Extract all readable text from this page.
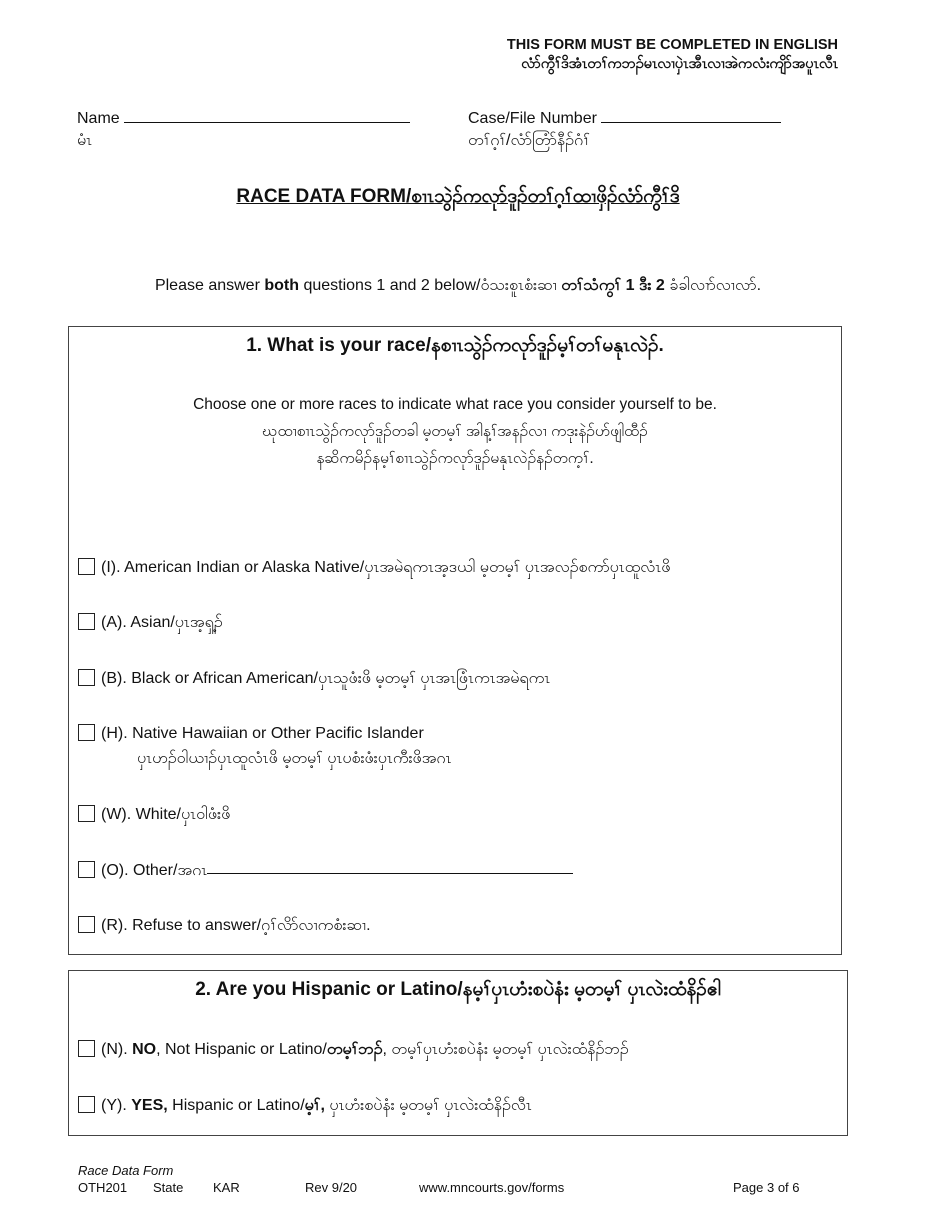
THIS FORM MUST BE COMPLETED IN ENGLISH
လံာ်ကွီၢ်ဒိအံၤတၢ်ကဘၣ်မၤလၢပှဲၤအီၤလၢအဲကလံးကျိာ်အပူၤလီၤ
Name
မံၤ
Case/File Number
တၢ်ဂ့ၢ်/လံာ်တြံာ်နီၣ်ဂံၢ်
RACE DATA FORM/စၢၤသွဲၣ်ကလုာ်ဒူၣ်တၢ်ဂ့ၢ်ထၢဖှိၣ်လံာ်ကွီၢ်ဒိ
Please answer both questions 1 and 2 below/ဝံသးစူၤစံးဆၢ တၢ်သံကွၢ် 1 ဒီး 2 ခံခါလၢာ်လၢလာ်.
1. What is your race/နစၢၤသွဲၣ်ကလုာ်ဒူၣ်မ့ၢ်တၢ်မနုၤလဲၣ်.
Choose one or more races to indicate what race you consider yourself to be.
ဃုထၢစၢၤသွဲၣ်ကလုာ်ဒူၣ်တခါ မ့တမ့ၢ် အါန့ၢ်အနၣ်လၢ ကဒုးနဲၣ်ဟ်ဖျါထီၣ်
နဆိကမိၣ်နမ့ၢ်စၢၤသွဲၣ်ကလုာ်ဒူၣ်မနုၤလဲၣ်နၣ်တက့ၢ်.
(I). American Indian or Alaska Native/ပှၤအမဲရကၤအ့ဒယါ မ့တမ့ၢ် ပှၤအလၣ်စကာ်ပှၤထူလံၤဖိ
(A). Asian/ပှၤအ့ၡ့ၣ်
(B). Black or African American/ပှၤသူဖံးဖိ မ့တမ့ၢ် ပှၤအၤဖြံၤကၤအမဲရကၤ
(H). Native Hawaiian or Other Pacific Islander
ပှၤဟၣ်ဝါယၢၣ်ပှၤထူလံၤဖိ မ့တမ့ၢ် ပှၤပစံးဖံးပှၤကီးဖိအဂၤ
(W). White/ပှၤဝါဖံးဖိ
(O). Other/အဂၤ
(R). Refuse to answer/ဂ့ၢ်လိာ်လၢကစံးဆၢ.
2. Are you Hispanic or Latino/နမ့ၢ်ပှၤဟံးစပဲနံး မ့တမ့ၢ် ပှၤလဲးထံနိၣ်ဧါ
(N). NO, Not Hispanic or Latino/တမ့ၢ်ဘၣ်, တမ့ၢ်ပှၤဟံးစပဲနံး မ့တမ့ၢ် ပှၤလဲးထံနိၣ်ဘၣ်
(Y). YES, Hispanic or Latino/မ့ၢ်, ပှၤဟံးစပဲနံး မ့တမ့ၢ် ပှၤလဲးထံနိၣ်လီၤ
Race Data Form
OTH201 State KAR	Rev 9/20	www.mncourts.gov/forms	Page 3 of 6
